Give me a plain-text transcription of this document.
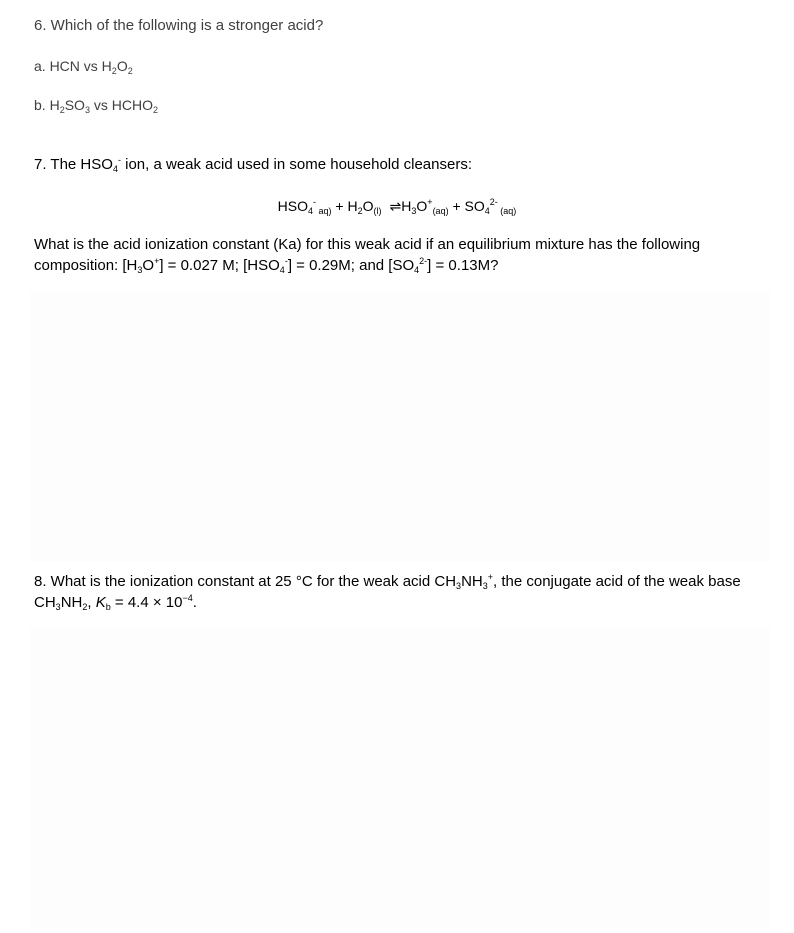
6. Which of the following is a stronger acid?
a. HCN vs $H_2O_2$
b. $H_2SO_3$ vs $HCHO_2$
7. The $HSO_4^-$ ion, a weak acid used in some household cleansers:
$HSO_4^-$ $_{aq)} + H_2O_{(l)}$ $\rightleftharpoons H_3O^+_{(aq)} + SO_4^{2-}$ $_{(aq)}$
What is the acid ionization constant (Ka) for this weak acid if an equilibrium mixture has the following
composition: $[H_3O^+] = 0.027$ M; $[HSO_4^-] = 0.29M$; and $[SO_4^{2-}] = 0.13M$?
8. What is the ionization constant at 25 °C for the weak acid $CH_3NH_3^+$, the conjugate acid of the weak base
$CH_3NH_2$, $K_b = 4.4 \times 10^{-4}$.
